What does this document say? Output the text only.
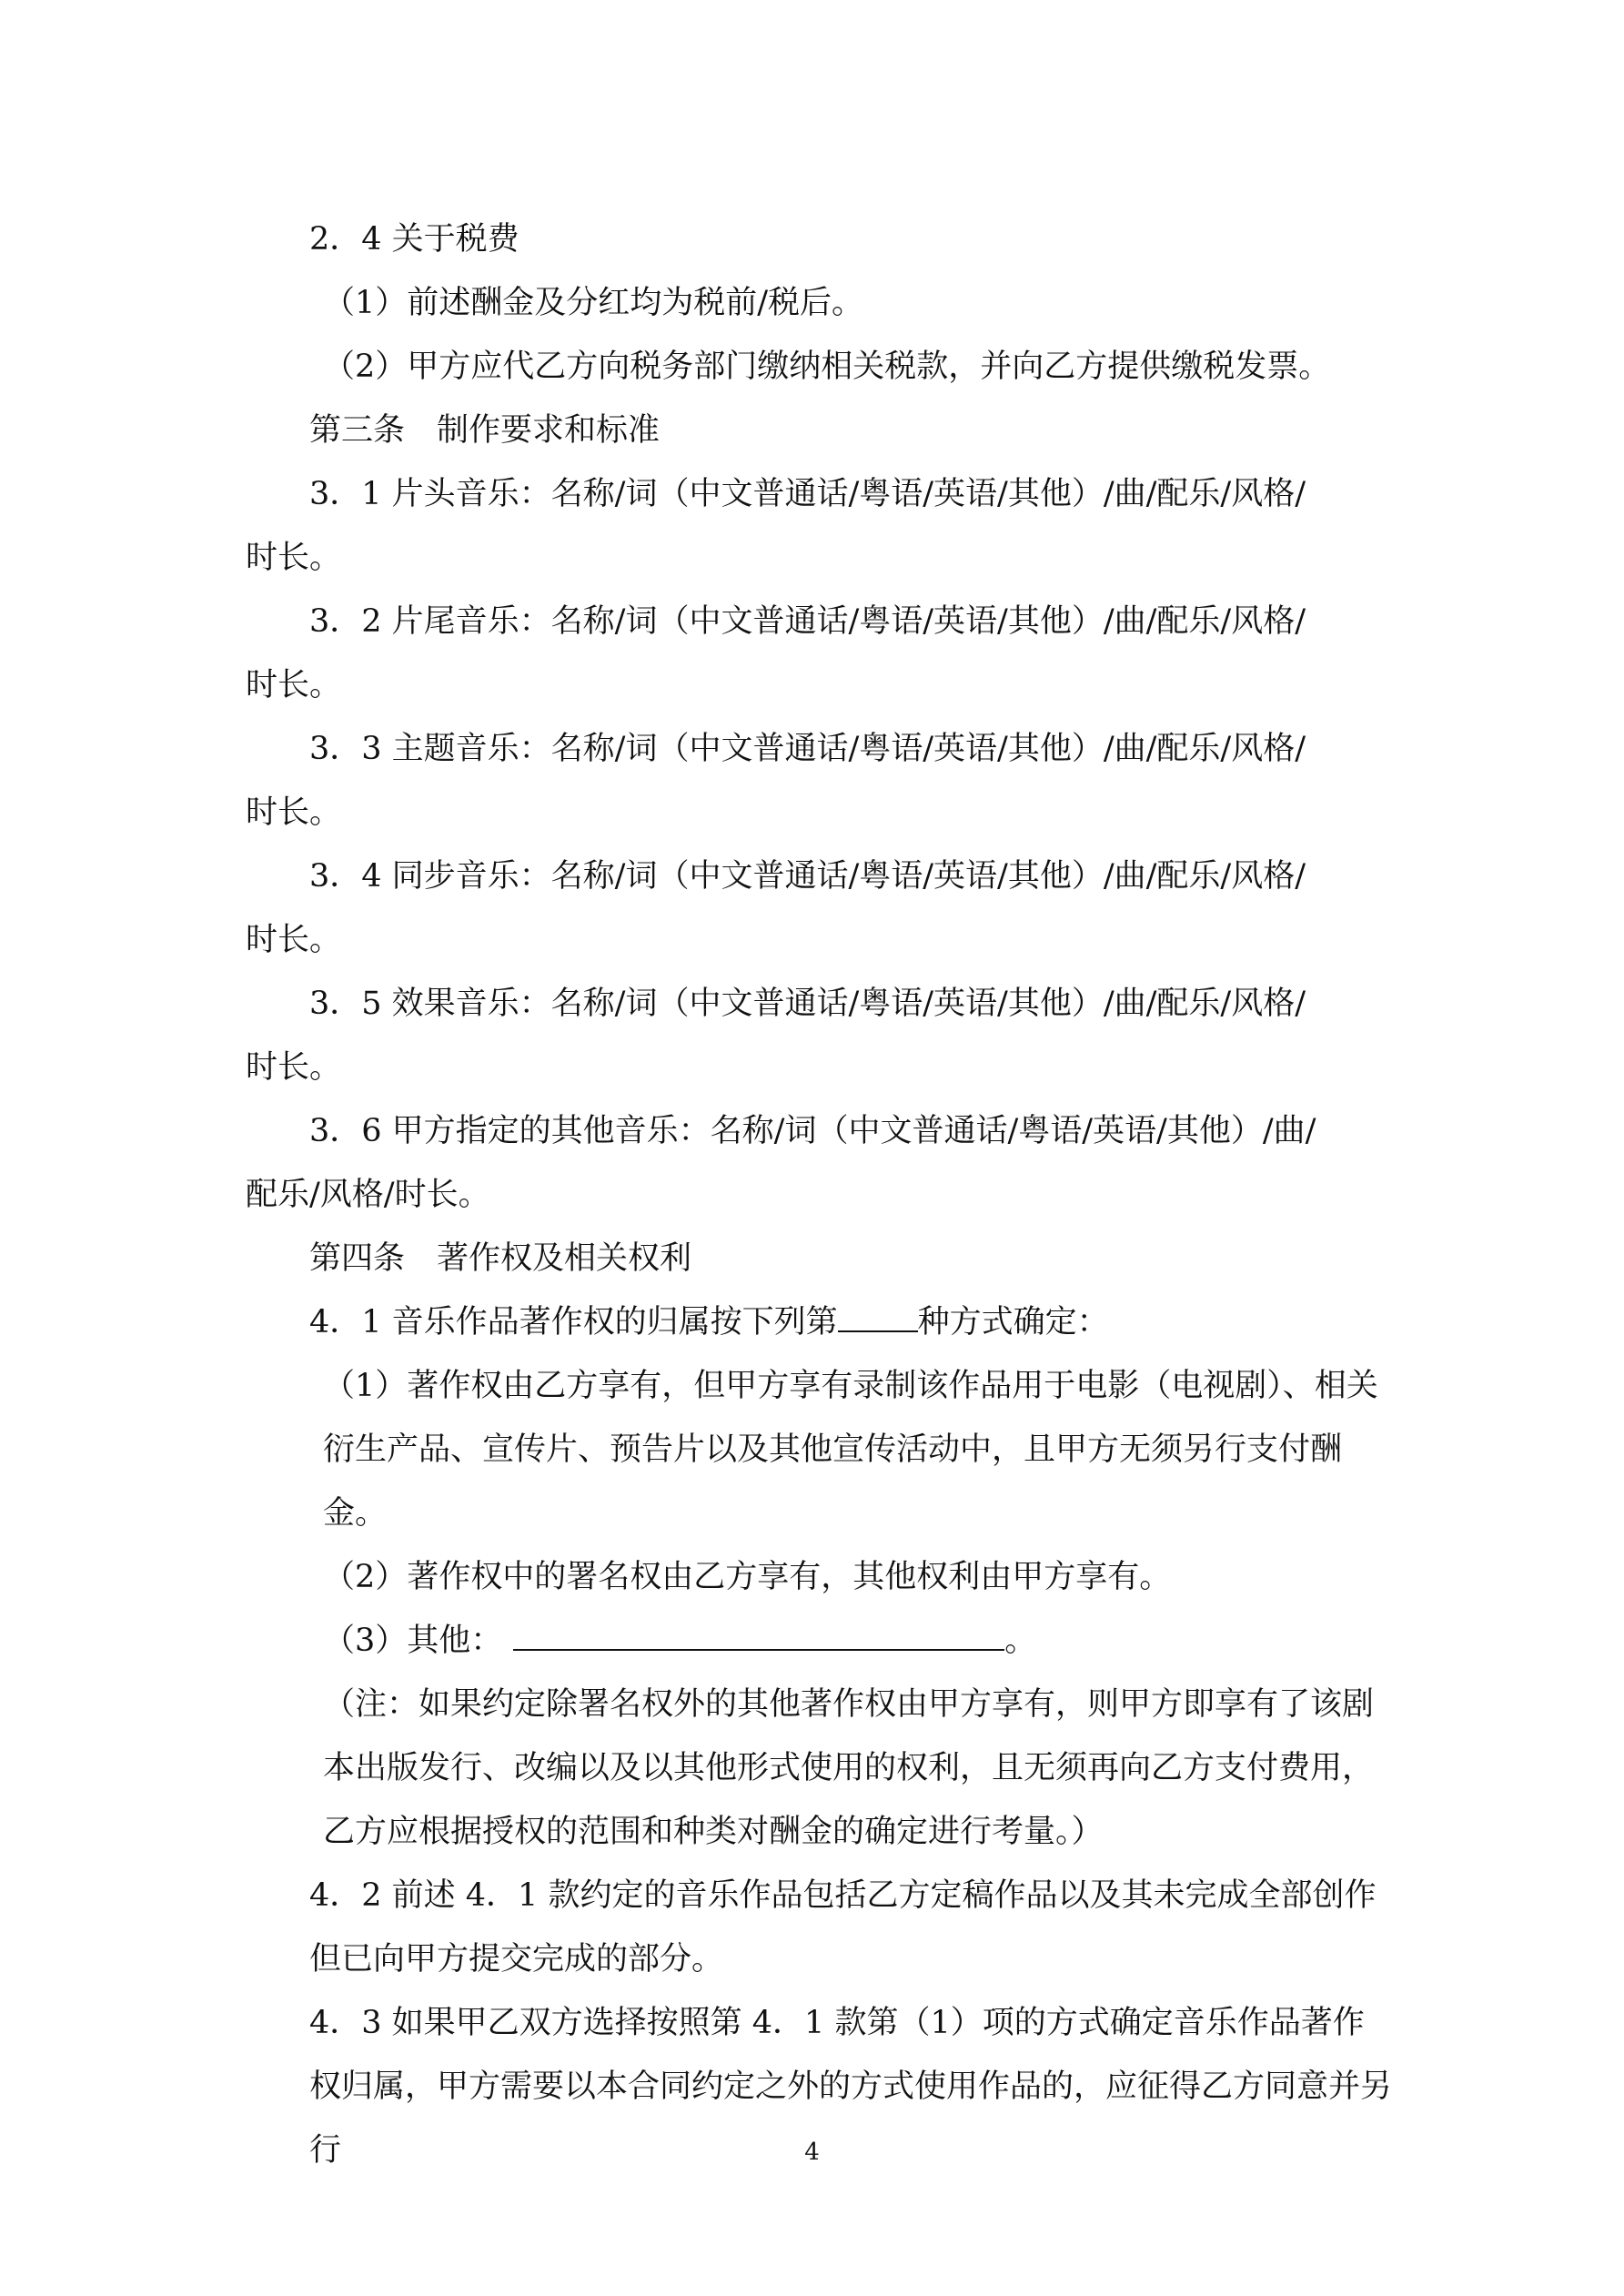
2．4 关于税费

（1）前述酬金及分红均为税前/税后。

（2）甲方应代乙方向税务部门缴纳相关税款，并向乙方提供缴税发票。

第三条　制作要求和标准

3．1 片头音乐：名称/词（中文普通话/粤语/英语/其他）/曲/配乐/风格/

时长。

3．2 片尾音乐：名称/词（中文普通话/粤语/英语/其他）/曲/配乐/风格/

时长。

3．3 主题音乐：名称/词（中文普通话/粤语/英语/其他）/曲/配乐/风格/

时长。

3．4 同步音乐：名称/词（中文普通话/粤语/英语/其他）/曲/配乐/风格/

时长。

3．5 效果音乐：名称/词（中文普通话/粤语/英语/其他）/曲/配乐/风格/

时长。

3．6 甲方指定的其他音乐：名称/词（中文普通话/粤语/英语/其他）/曲/

配乐/风格/时长。

第四条　著作权及相关权利

4．1 音乐作品著作权的归属按下列第	种方式确定：

（1）著作权由乙方享有，但甲方享有录制该作品用于电影（电视剧）、相关衍生产品、宣传片、预告片以及其他宣传活动中，且甲方无须另行支付酬金。

（2）著作权中的署名权由乙方享有，其他权利由甲方享有。

（3）其他：	。

（注：如果约定除署名权外的其他著作权由甲方享有，则甲方即享有了该剧本出版发行、改编以及以其他形式使用的权利，且无须再向乙方支付费用，乙方应根据授权的范围和种类对酬金的确定进行考量。）

4．2 前述 4．1 款约定的音乐作品包括乙方定稿作品以及其未完成全部创作但已向甲方提交完成的部分。

4．3 如果甲乙双方选择按照第 4．1 款第（1）项的方式确定音乐作品著作权归属，甲方需要以本合同约定之外的方式使用作品的，应征得乙方同意并另行	4
